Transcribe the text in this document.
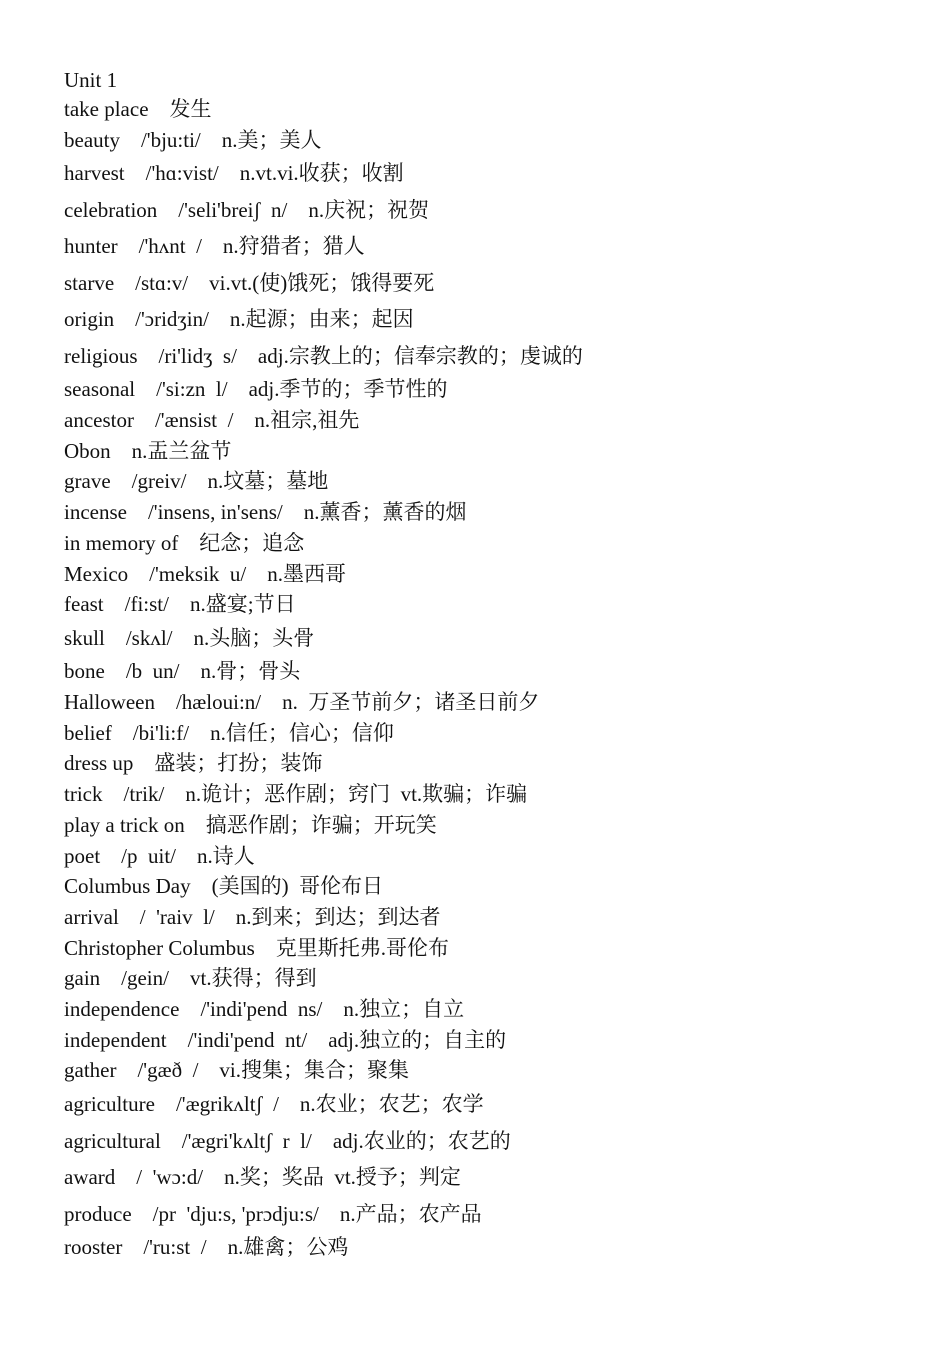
Unit 1
take place    发生
beauty    /'bju:ti/    n.美；美人
harvest    /'hɑ:vist/    n.vt.vi.收获；收割
celebration    /'seli'breiʃ  n/    n.庆祝；祝贺
hunter    /'hʌnt  /    n.狩猎者；猎人
starve    /stɑ:v/    vi.vt.(使)饿死；饿得要死
origin    /'ɔridʒin/    n.起源；由来；起因
religious    /ri'lidʒ  s/    adj.宗教上的；信奉宗教的；虔诚的
seasonal    /'si:zn  l/    adj.季节的；季节性的
ancestor    /'ænsist  /    n.祖宗,祖先
Obon    n.盂兰盆节
grave    /greiv/    n.坟墓；墓地
incense    /'insens, in'sens/    n.薰香；薰香的烟
in memory of    纪念；追念
Mexico    /'meksik  u/    n.墨西哥
feast    /fi:st/    n.盛宴;节日
skull    /skʌl/    n.头脑；头骨
bone    /b  un/    n.骨；骨头
Halloween    /hæloui:n/    n.  万圣节前夕；诸圣日前夕
belief    /bi'li:f/    n.信任；信心；信仰
dress up    盛装；打扮；装饰
trick    /trik/    n.诡计；恶作剧；窍门  vt.欺骗；诈骗
play a trick on    搞恶作剧；诈骗；开玩笑
poet    /p  uit/    n.诗人
Columbus Day    (美国的)  哥伦布日
arrival    /  'raiv  l/    n.到来；到达；到达者
Christopher Columbus    克里斯托弗.哥伦布
gain    /gein/    vt.获得；得到
independence    /'indi'pend  ns/    n.独立；自立
independent    /'indi'pend  nt/    adj.独立的；自主的
gather    /'gæð  /    vi.搜集；集合；聚集
agriculture    /'ægrikʌltʃ  /    n.农业；农艺；农学
agricultural    /'ægri'kʌltʃ  r  l/    adj.农业的；农艺的
award    /  'wɔ:d/    n.奖；奖品  vt.授予；判定
produce    /pr  'dju:s, 'prɔdju:s/    n.产品；农产品
rooster    /'ru:st  /    n.雄禽；公鸡
